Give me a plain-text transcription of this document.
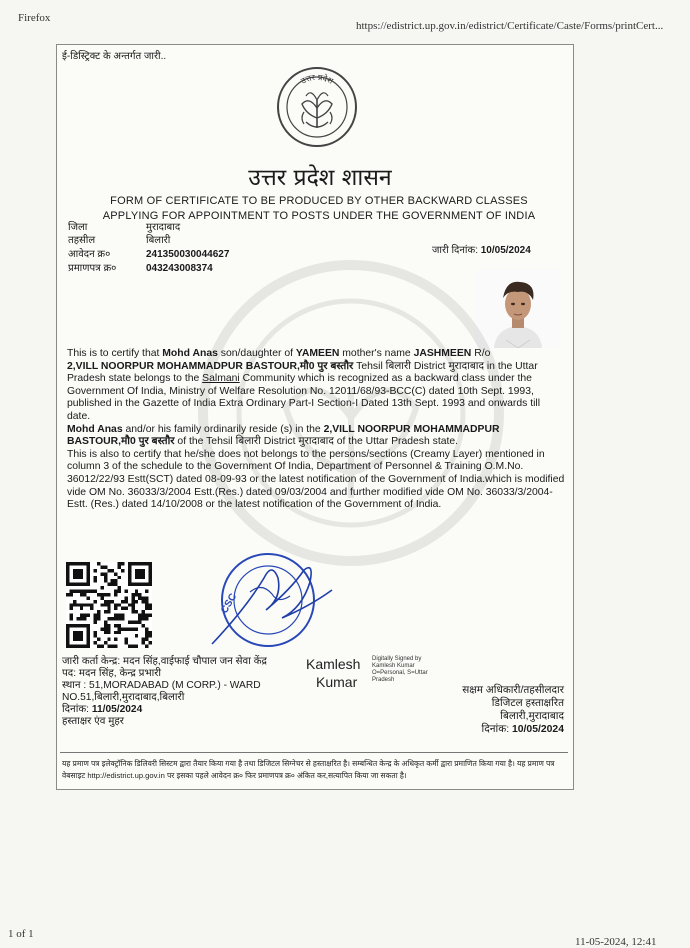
Firefox
https://edistrict.up.gov.in/edistrict/Certificate/Caste/Forms/printCert...
ई-डिस्ट्रिक्ट के अन्तर्गत जारी..
उत्तर प्रदेश
उत्तर प्रदेश शासन
FORM OF CERTIFICATE TO BE PRODUCED BY OTHER BACKWARD CLASSES
APPLYING FOR APPOINTMENT TO POSTS UNDER THE GOVERNMENT OF INDIA
जिला	मुरादाबाद
तहसील	बिलारी
आवेदन क्र०	241350030044627
प्रमाणपत्र क्र०	043243008374
जारी दिनांक: 10/05/2024

This is to certify that Mohd Anas son/daughter of YAMEEN mother's name JASHMEEN R/o
2,VILL NOORPUR MOHAMMADPUR BASTOUR,मौ0 पुर बस्तौर Tehsil बिलारी District मुरादाबाद in the Uttar Pradesh state belongs to the Salmani Community which is recognized as a backward class under the Government Of India, Ministry of Welfare Resolution No. 12011/68/93-BCC(C) dated 10th Sept. 1993, published in the Gazette of India Extra Ordinary Part-I Section-I Dated 13th Sept. 1993 and onwards till date.

Mohd Anas and/or his family ordinarily reside (s) in the 2,VILL NOORPUR MOHAMMADPUR BASTOUR,मौ0 पुर बस्तौर of the Tehsil बिलारी District मुरादाबाद of the Uttar Pradesh state.

This is also to certify that he/she does not belongs to the persons/sections (Creamy Layer) mentioned in column 3 of the schedule to the Government Of India, Department of Personnel & Training O.M.No. 36012/22/93 Estt(SCT) dated 08-09-93 or the latest notification of the Government of India.which is modified vide OM No. 36033/3/2004 Estt.(Res.) dated 09/03/2004 and further modified vide OM No. 36033/3/2004-Estt. (Res.) dated 14/10/2008 or the latest notification of the Government of India.

CSC
Kamlesh
Kumar
Digitally Signed by
Kamlesh Kumar
O=Personal, S=Uttar
Pradesh
जारी कर्ता केन्द्र: मदन सिंह,वाईफाई चौपाल जन सेवा केंद्र
पद: मदन सिंह, केन्द्र प्रभारी
स्थान : 51,MORADABAD (M CORP.) - WARD
NO.51,बिलारी,मुरादाबाद,बिलारी
दिनांक: 11/05/2024
हस्ताक्षर एंव मुहर
सक्षम अधिकारी/तहसीलदार
डिजिटल हस्ताक्षरित
बिलारी,मुरादाबाद
दिनांक: 10/05/2024
यह प्रमाण पत्र इलेक्ट्रॉनिक डिलिवरी सिस्टम द्वारा तैयार किया गया है तथा डिजिटल सिग्नेचर से हस्ताक्षरित है। सम्बन्धित केन्द्र के अधिकृत कर्मी द्वारा प्रमाणित किया गया है। यह प्रमाण पत्र वेबसाइट http://edistrict.up.gov.in पर इसका पहले आवेदन क्र० फिर प्रमाणपत्र क्र० अंकित कर,सत्यापित किया जा सकता है।
1 of 1
11-05-2024, 12:41
